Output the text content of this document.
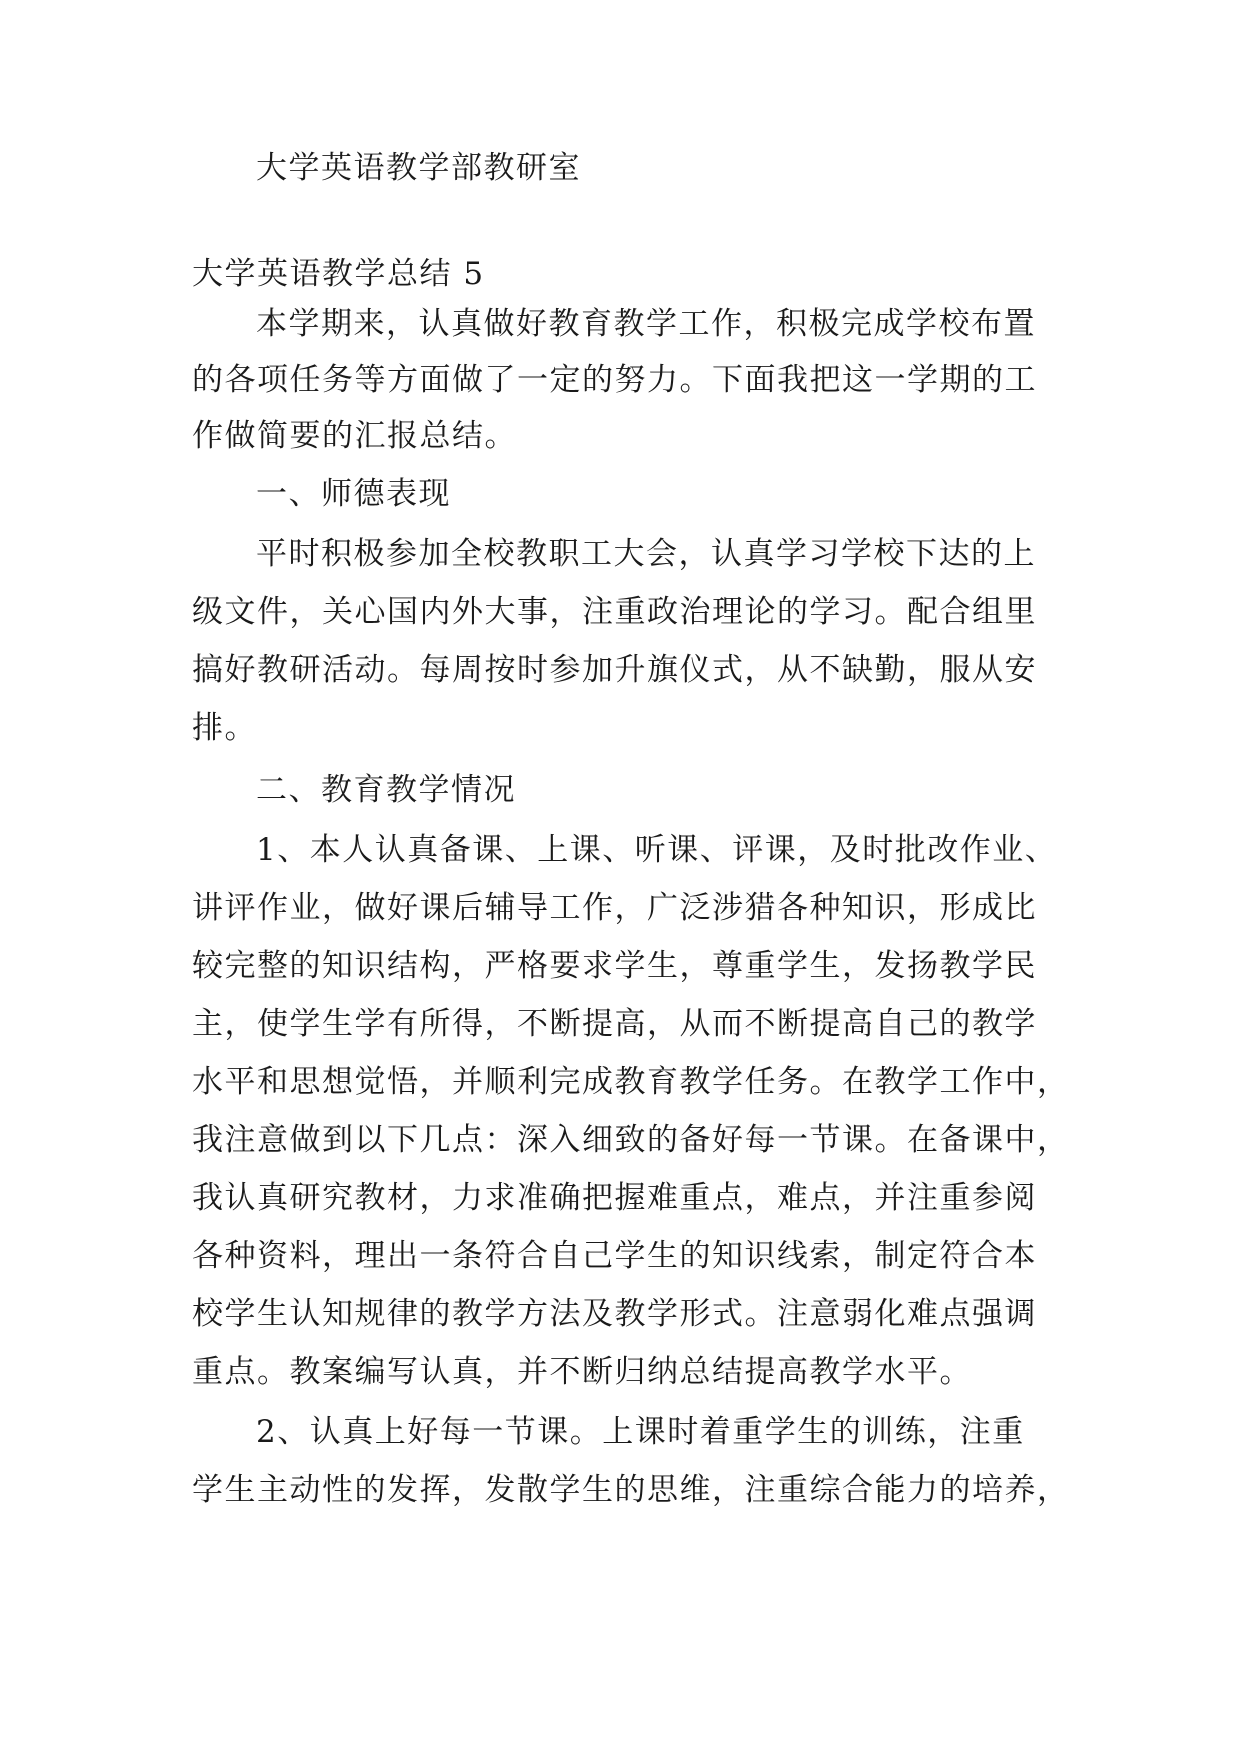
大学英语教学部教研室
大学英语教学总结 5
本学期来，认真做好教育教学工作，积极完成学校布置
的各项任务等方面做了一定的努力。下面我把这一学期的工
作做简要的汇报总结。
一、师德表现
平时积极参加全校教职工大会，认真学习学校下达的上
级文件，关心国内外大事，注重政治理论的学习。配合组里
搞好教研活动。每周按时参加升旗仪式，从不缺勤，服从安
排。
二、教育教学情况
1、本人认真备课、上课、听课、评课，及时批改作业、
讲评作业，做好课后辅导工作，广泛涉猎各种知识，形成比
较完整的知识结构，严格要求学生，尊重学生，发扬教学民
主，使学生学有所得，不断提高，从而不断提高自己的教学
水平和思想觉悟，并顺利完成教育教学任务。在教学工作中，
我注意做到以下几点：深入细致的备好每一节课。在备课中，
我认真研究教材，力求准确把握难重点，难点，并注重参阅
各种资料，理出一条符合自己学生的知识线索，制定符合本
校学生认知规律的教学方法及教学形式。注意弱化难点强调
重点。教案编写认真，并不断归纳总结提高教学水平。
2、认真上好每一节课。上课时着重学生的训练，注重
学生主动性的发挥，发散学生的思维，注重综合能力的培养，
